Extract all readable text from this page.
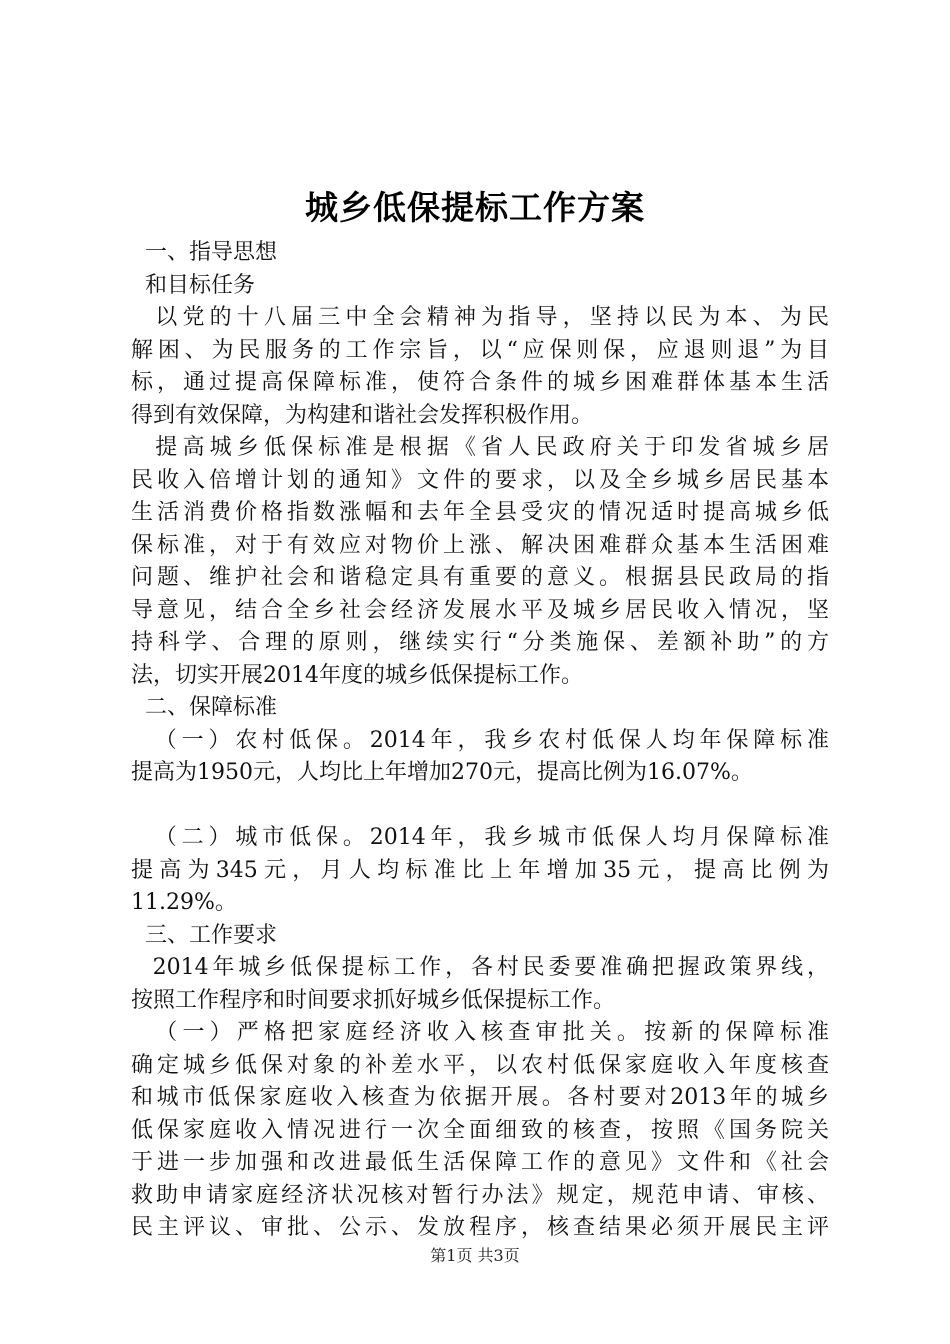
城乡低保提标工作方案
一、指导思想
和目标任务
以党的十八届三中全会精神为指导，坚持以民为本、为民
解困、为民服务的工作宗旨，以“应保则保，应退则退”为目
标，通过提高保障标准，使符合条件的城乡困难群体基本生活
得到有效保障，为构建和谐社会发挥积极作用。
提高城乡低保标准是根据《省人民政府关于印发省城乡居
民收入倍增计划的通知》文件的要求，以及全乡城乡居民基本
生活消费价格指数涨幅和去年全县受灾的情况适时提高城乡低
保标准，对于有效应对物价上涨、解决困难群众基本生活困难
问题、维护社会和谐稳定具有重要的意义。根据县民政局的指
导意见，结合全乡社会经济发展水平及城乡居民收入情况，坚
持科学、合理的原则，继续实行“分类施保、差额补助”的方
法，切实开展2014年度的城乡低保提标工作。
二、保障标准
（一）农村低保。2014年，我乡农村低保人均年保障标准
提高为1950元，人均比上年增加270元，提高比例为16.07%。
（二）城市低保。2014年，我乡城市低保人均月保障标准
提高为345元，月人均标准比上年增加35元，提高比例为
11.29%。
三、工作要求
2014年城乡低保提标工作，各村民委要准确把握政策界线，
按照工作程序和时间要求抓好城乡低保提标工作。
（一）严格把家庭经济收入核查审批关。按新的保障标准
确定城乡低保对象的补差水平，以农村低保家庭收入年度核查
和城市低保家庭收入核查为依据开展。各村要对2013年的城乡
低保家庭收入情况进行一次全面细致的核查，按照《国务院关
于进一步加强和改进最低生活保障工作的意见》文件和《社会
救助申请家庭经济状况核对暂行办法》规定，规范申请、审核、
民主评议、审批、公示、发放程序，核查结果必须开展民主评
第1页 共3页
